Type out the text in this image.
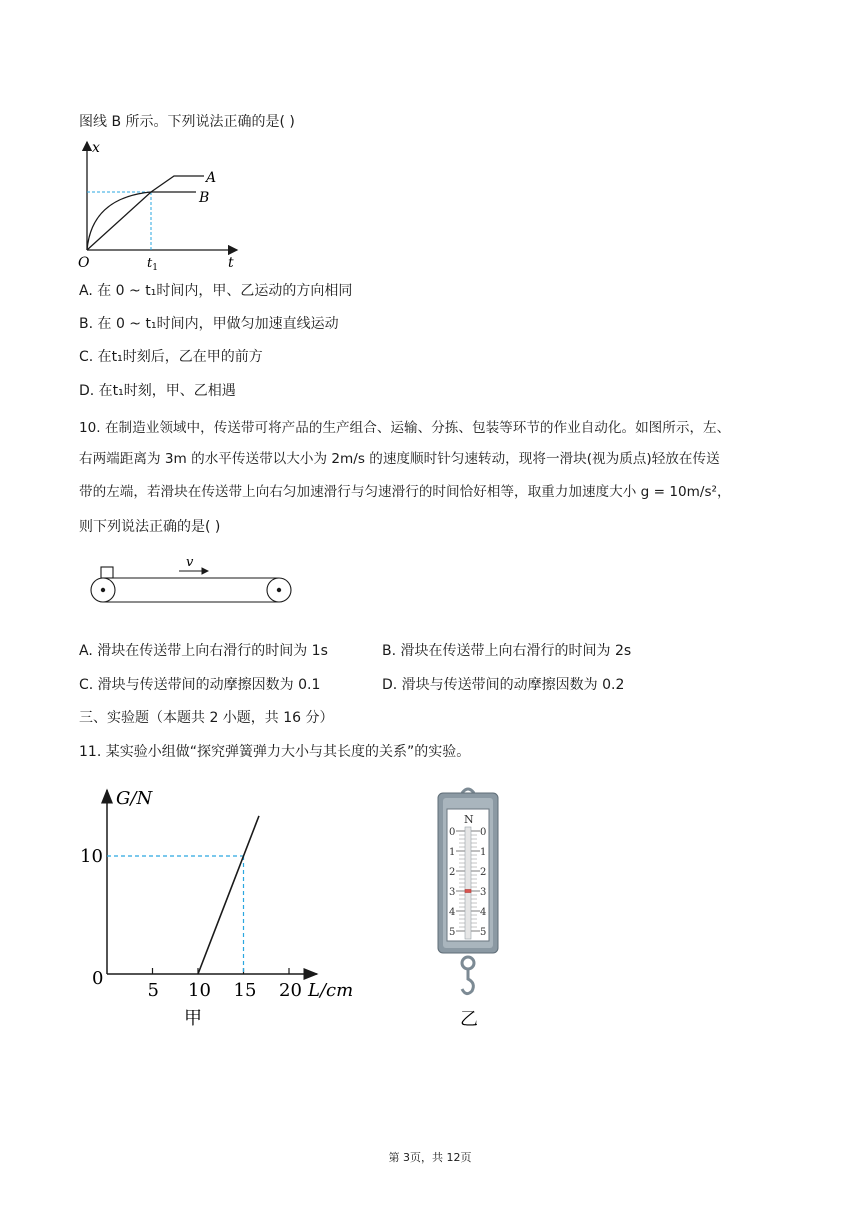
图线 B 所示。下列说法正确的是( )
x
t
O	$t_1$
A
B
A. 在 0 ~ t₁时间内，甲、乙运动的方向相同
B. 在 0 ~ t₁时间内，甲做匀加速直线运动
C. 在t₁时刻后，乙在甲的前方
D. 在t₁时刻，甲、乙相遇
10. 在制造业领域中，传送带可将产品的生产组合、运输、分拣、包装等环节的作业自动化。如图所示，左、
右两端距离为 3m 的水平传送带以大小为 2m/s 的速度顺时针匀速转动，现将一滑块(视为质点)轻放在传送
带的左端，若滑块在传送带上向右匀加速滑行与匀速滑行的时间恰好相等，取重力加速度大小 g = 10m/s²，
则下列说法正确的是( )
v
A. 滑块在传送带上向右滑行的时间为 1s	B. 滑块在传送带上向右滑行的时间为 2s
C. 滑块与传送带间的动摩擦因数为 0.1	D. 滑块与传送带间的动摩擦因数为 0.2
三、实验题（本题共 2 小题，共 16 分）
11. 某实验小组做“探究弹簧弹力大小与其长度的关系”的实验。
5 10 15 20
G/N
L/cm
0
10
甲
N
0 0
1 1
2 2
3 3
4 4
5 5
乙
第 3页，共 12页
